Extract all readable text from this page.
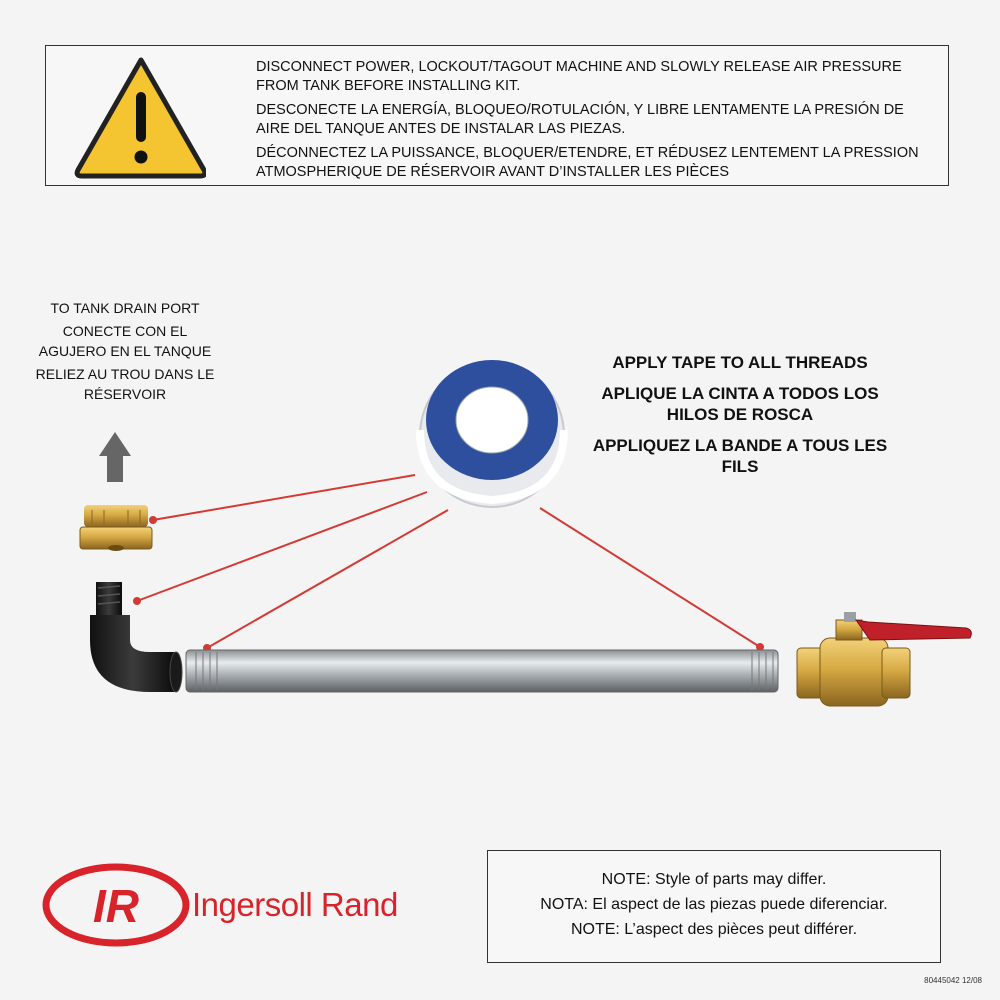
DISCONNECT POWER, LOCKOUT/TAGOUT MACHINE AND SLOWLY RELEASE AIR PRESSURE FROM TANK BEFORE INSTALLING KIT.

DESCONECTE LA ENERGÍA, BLOQUEO/ROTULACIÓN, Y LIBRE LENTAMENTE LA PRESIÓN DE AIRE DEL TANQUE ANTES DE INSTALAR LAS PIEZAS.

DÉCONNECTEZ LA PUISSANCE, BLOQUER/ETENDRE, ET RÉDUSEZ LENTEMENT LA PRESSION ATMOSPHERIQUE DE RÉSERVOIR AVANT D’INSTALLER LES PIÈCES

TO TANK DRAIN PORT

CONECTE CON EL AGUJERO EN EL TANQUE

RELIEZ AU TROU DANS LE RÉSERVOIR

APPLY TAPE TO ALL THREADS

APLIQUE LA CINTA A TODOS LOS HILOS DE ROSCA

APPLIQUEZ LA BANDE A TOUS LES FILS

IR Ingersoll Rand

NOTE: Style of parts may differ.

NOTA: El aspect de las piezas puede diferenciar.

NOTE: L’aspect des pièces peut différer.

80445042 12/08
